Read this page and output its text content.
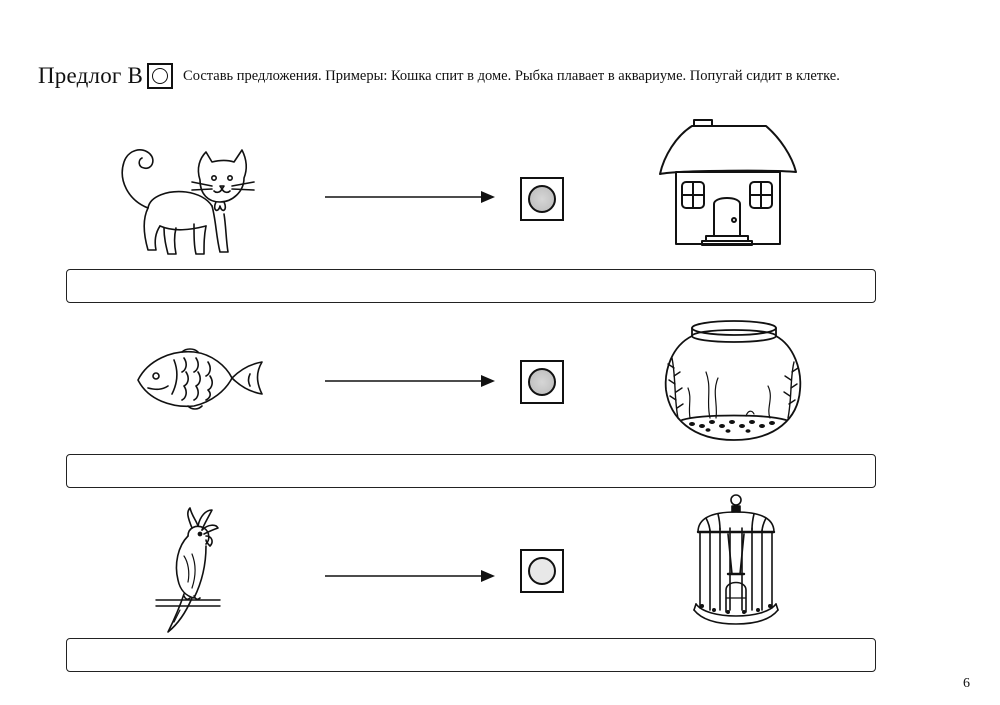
Предлог В	Составь предложения. Примеры: Кошка спит в доме. Рыбка плавает в аквариуме. Попугай сидит в клетке.
6
